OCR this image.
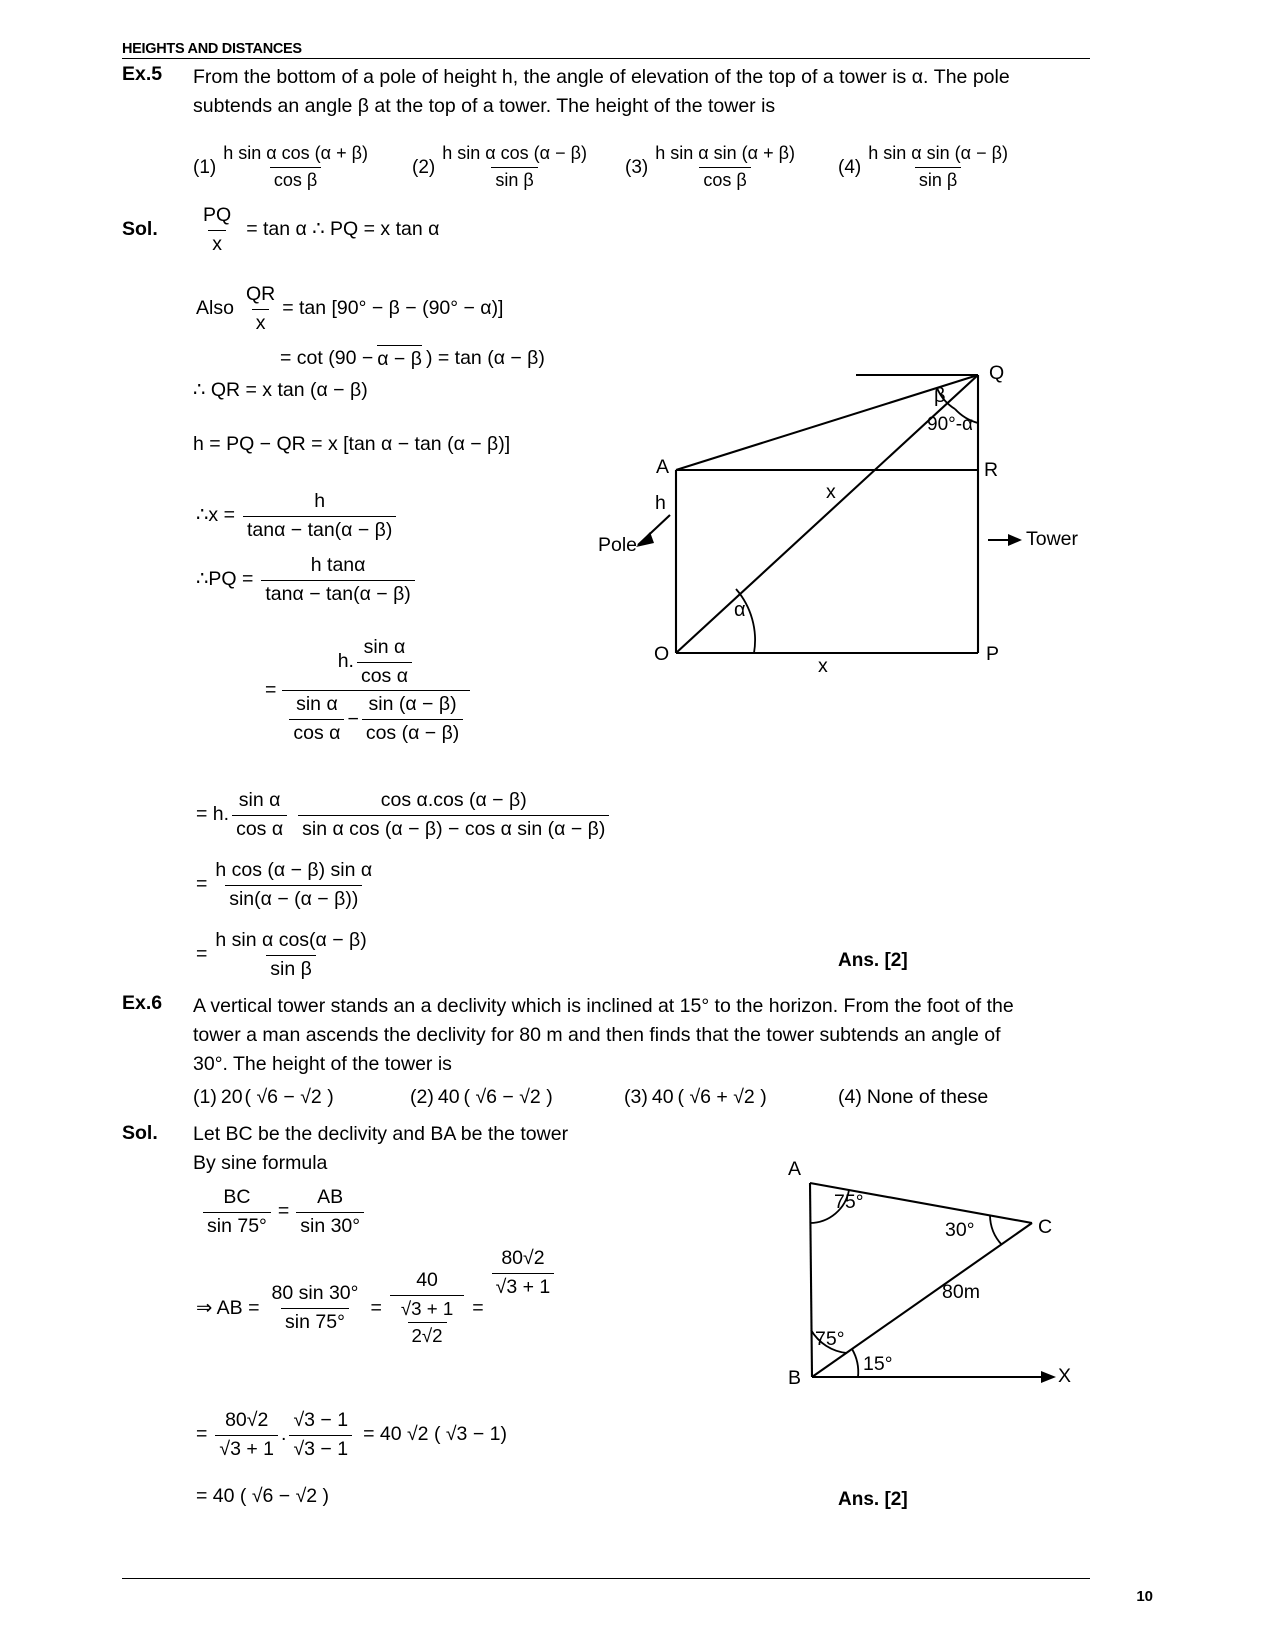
HEIGHTS AND DISTANCES
Ex.5 From the bottom of a pole of height h, the angle of elevation of the top of a tower is α. The pole
subtends an angle β at the top of a tower. The height of the tower is
$(1) \frac{\text{h sin α cos (α + β)}}{\text{cos β}} (2) \frac{\text{h sin α cos (α − β)}}{\text{sin β}} (3) \frac{\text{h sin α sin (α + β)}}{\text{cos β}} (4) \frac{\text{h sin α sin (α − β)}}{\text{sin β}}$
Sol. $\frac{PQ}{x} = \tan \alpha$ ∴ PQ = x tan α
Also $\frac{QR}{x} = \tan [90^\circ - \beta - (90^\circ - \alpha)]$
= cot (90 − α − β ) = tan (α − β)
∴ QR = x tan (α − β)
h = PQ − QR = x [tan α − tan (α − β)]
∴x = $\frac{h}{\tan\alpha - \tan(\alpha - \beta)}$
∴PQ = $\frac{\text{h tanα}}{\tan\alpha - \tan(\alpha - \beta)}$
=
h. $\frac{\text{sin α}}{\text{cos α}}$
$\frac{\text{sin α}}{\text{cos α}} - \frac{\sin (\alpha - \beta)}{\cos (\alpha - \beta)}$
= h. $\frac{\text{sin α}}{\text{cos α}} \frac{\text{cos α.cos (α − β)}}{\text{sin α cos (α − β) − cos α sin (α − β)}}$
= $\frac{\text{h cos (α − β) sin α}}{\sin(\alpha - (\alpha - \beta))}$
= $\frac{\text{h sin α cos(α − β)}}{\text{sin β}}$	Ans. [2]
Q
R
P
A
O
h	x
x
β
90°-α
α
Pole	Tower
Ex.6 A vertical tower stands an a declivity which is inclined at 15° to the horizon. From the foot of the
tower a man ascends the declivity for 80 m and then finds that the tower subtends an angle of
30°. The height of the tower is
(1) 20 ( √6 − √2 )	(2) 40 ( √6 − √2 )	(3) 40 ( √6 + √2 )	(4) None of these
Sol. Let BC be the declivity and BA be the tower
By sine formula
$\frac{BC}{\sin 75^\circ} = \frac{AB}{\sin 30^\circ}$
⇒ AB = $\frac{80 \sin 30^\circ}{\sin 75^\circ} = \frac{40}{\frac{√3 + 1}{2√2}}$ =
$\frac{80√2}{√3 + 1}$
= $\frac{80√2}{√3 + 1}$ . $\frac{√3 - 1}{√3 - 1} = 40$ √2 ( √3 − 1)
= 40 ( √6 − √2 )	Ans. [2]
A
C
B	X
75°
30°
75°
15°
80m
10
